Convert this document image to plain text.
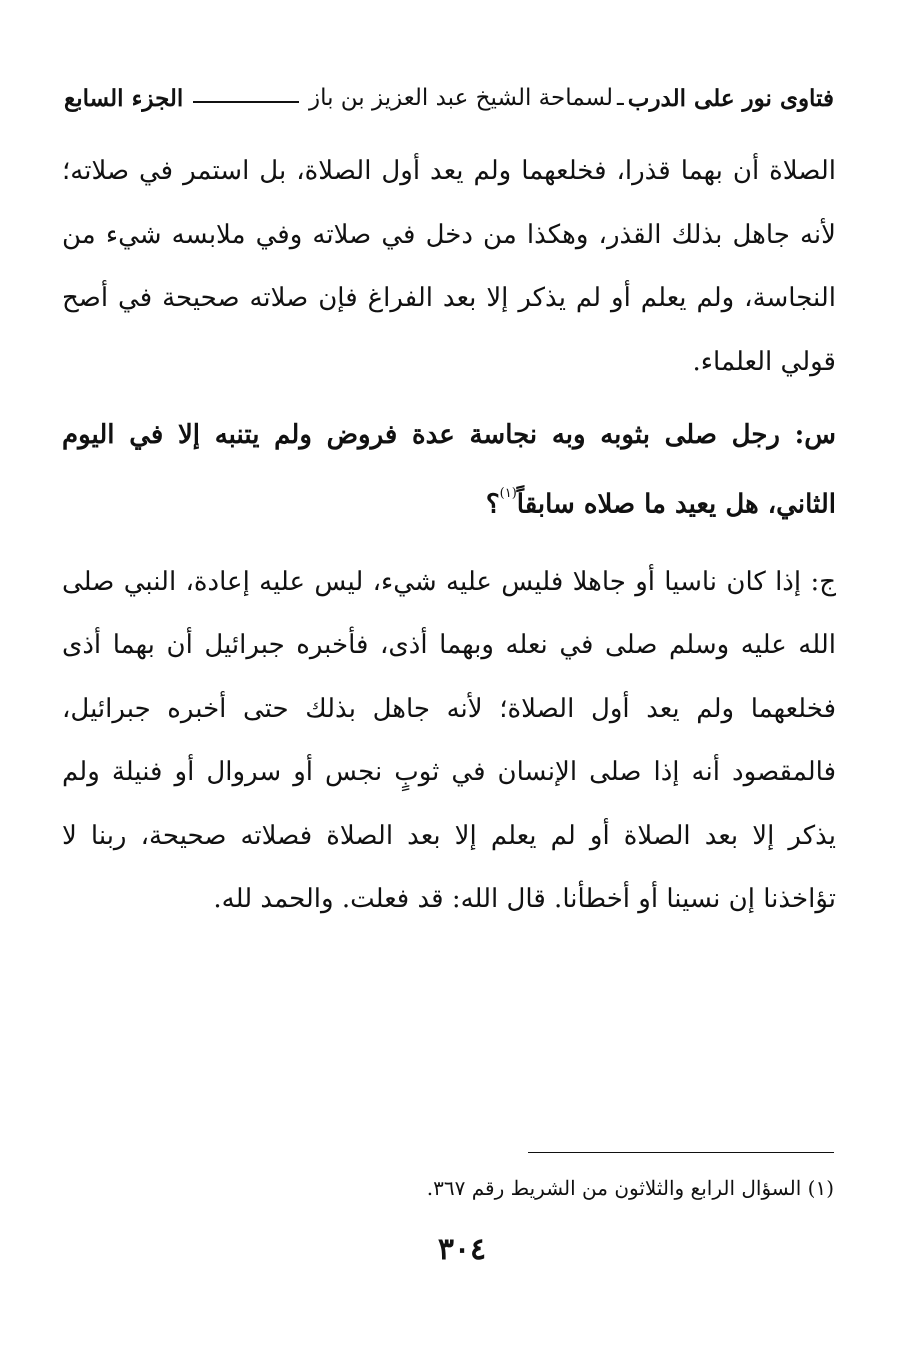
فتاوى نور على الدرب
ـ
لسماحة الشيخ عبد العزيز بن باز
الجزء السابع

الصلاة أن بهما قذرا، فخلعهما ولم يعد أول الصلاة، بل استمر في صلاته؛ لأنه جاهل بذلك القذر، وهكذا من دخل في صلاته وفي ملابسه شيء من النجاسة، ولم يعلم أو لم يذكر إلا بعد الفراغ فإن صلاته صحيحة في أصح قولي العلماء.

س: رجل صلى بثوبه وبه نجاسة عدة فروض ولم يتنبه إلا في اليوم الثاني، هل يعيد ما صلاه سابقاً$^{(١)}$؟

ج: إذا كان ناسيا أو جاهلا فليس عليه شيء، ليس عليه إعادة، النبي صلى الله عليه وسلم صلى في نعله وبهما أذى، فأخبره جبرائيل أن بهما أذى فخلعهما ولم يعد أول الصلاة؛ لأنه جاهل بذلك حتى أخبره جبرائيل، فالمقصود أنه إذا صلى الإنسان في ثوبٍ نجس أو سروال أو فنيلة ولم يذكر إلا بعد الصلاة أو لم يعلم إلا بعد الصلاة فصلاته صحيحة، ربنا لا تؤاخذنا إن نسينا أو أخطأنا. قال الله: قد فعلت. والحمد لله.

(١) السؤال الرابع والثلاثون من الشريط رقم ٣٦٧.
٣٠٤
